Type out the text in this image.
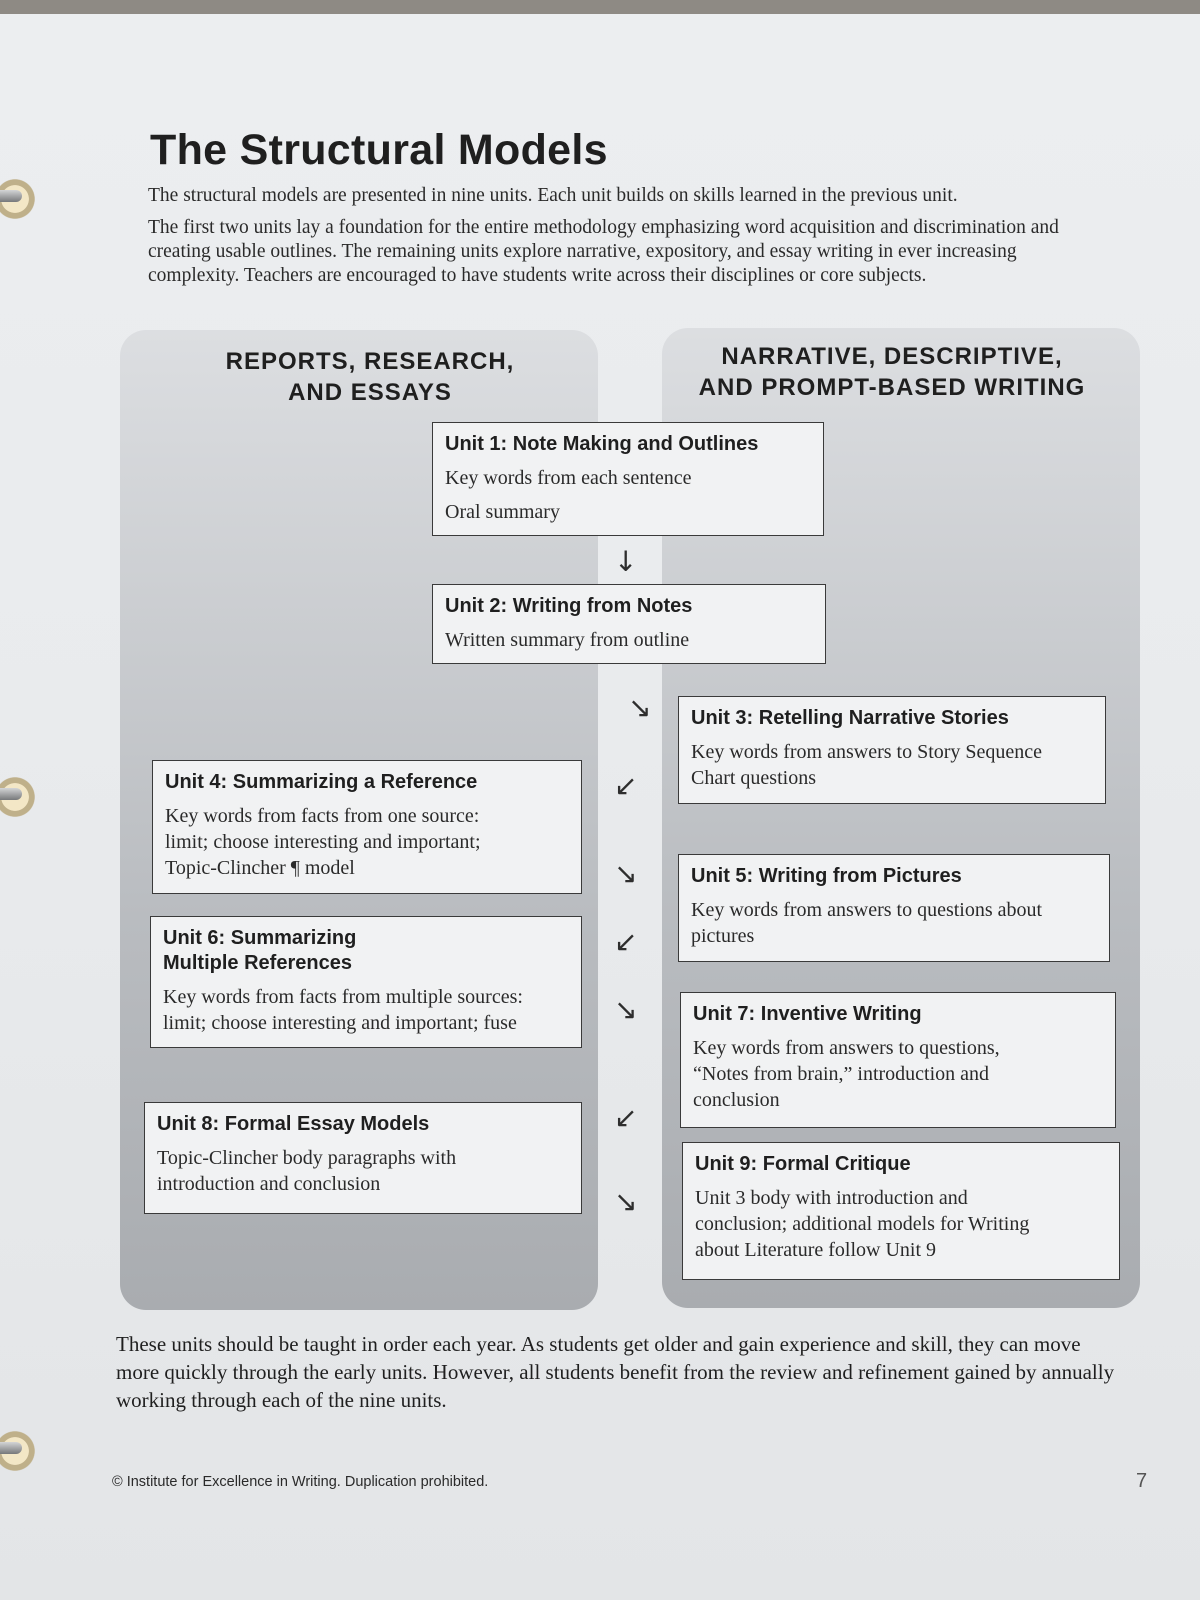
The Structural Models

The structural models are presented in nine units. Each unit builds on skills learned in the previous unit.

The first two units lay a foundation for the entire methodology emphasizing word acquisition and discrimination and creating usable outlines. The remaining units explore narrative, expository, and essay writing in ever increasing complexity. Teachers are encouraged to have students write across their disciplines or core subjects.

REPORTS, RESEARCH,
AND ESSAYS
NARRATIVE, DESCRIPTIVE,
AND PROMPT-BASED WRITING
Unit 1: Note Making and Outlines
Key words from each sentence
Oral summary
↓
Unit 2: Writing from Notes
Written summary from outline
↘ Unit 3: Retelling Narrative Stories
Key words from answers to Story Sequence
Chart questions
↙
Unit 4: Summarizing a Reference
Key words from facts from one source:
limit; choose interesting and important;
Topic-Clincher ¶ model	↘	Unit 5: Writing from Pictures
Key words from answers to questions about
pictures
↙
Unit 6: Summarizing
Multiple References
Key words from facts from multiple sources:
limit; choose interesting and important; fuse	↘	Unit 7: Inventive Writing
Key words from answers to questions,
“Notes from brain,” introduction and
conclusion
↙
Unit 8: Formal Essay Models
Topic-Clincher body paragraphs with
introduction and conclusion
↘
Unit 9: Formal Critique
Unit 3 body with introduction and
conclusion; additional models for Writing
about Literature follow Unit 9

These units should be taught in order each year. As students get older and gain experience and skill, they can move more quickly through the early units. However, all students benefit from the review and refinement gained by annually working through each of the nine units.

© Institute for Excellence in Writing. Duplication prohibited.	7
